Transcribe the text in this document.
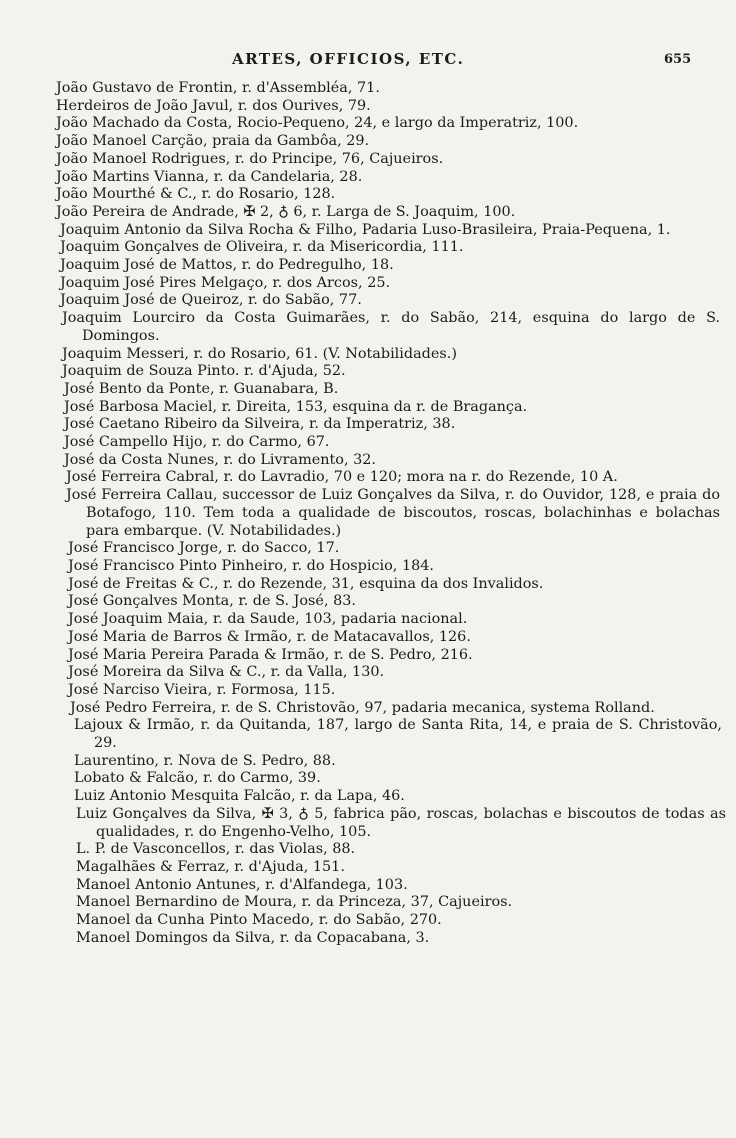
ARTES, OFFICIOS, ETC.	655
João Gustavo de Frontin, r. d'Assembléa, 71.
Herdeiros de João Javul, r. dos Ourives, 79.
João Machado da Costa, Rocio-Pequeno, 24, e largo da Imperatriz, 100.
João Manoel Carção, praia da Gambôa, 29.
João Manoel Rodrigues, r. do Principe, 76, Cajueiros.
João Martins Vianna, r. da Candelaria, 28.
João Mourthé & C., r. do Rosario, 128.
João Pereira de Andrade, ✠ 2, ♁ 6, r. Larga de S. Joaquim, 100.
Joaquim Antonio da Silva Rocha & Filho, Padaria Luso-Brasileira, Praia-Pequena, 1.
Joaquim Gonçalves de Oliveira, r. da Misericordia, 111.
Joaquim José de Mattos, r. do Pedregulho, 18.
Joaquim José Pires Melgaço, r. dos Arcos, 25.
Joaquim José de Queiroz, r. do Sabão, 77.
Joaquim Lourciro da Costa Guimarães, r. do Sabão, 214, esquina do largo de S. Domingos.
Joaquim Messeri, r. do Rosario, 61. (V. Notabilidades.)
Joaquim de Souza Pinto. r. d'Ajuda, 52.
José Bento da Ponte, r. Guanabara, B.
José Barbosa Maciel, r. Direita, 153, esquina da r. de Bragança.
José Caetano Ribeiro da Silveira, r. da Imperatriz, 38.
José Campello Hijo, r. do Carmo, 67.
José da Costa Nunes, r. do Livramento, 32.
José Ferreira Cabral, r. do Lavradio, 70 e 120; mora na r. do Rezende, 10 A.
José Ferreira Callau, successor de Luiz Gonçalves da Silva, r. do Ouvidor, 128, e praia do Botafogo, 110. Tem toda a qualidade de biscoutos, roscas, bolachinhas e bolachas para embarque. (V. Notabilidades.)
José Francisco Jorge, r. do Sacco, 17.
José Francisco Pinto Pinheiro, r. do Hospicio, 184.
José de Freitas & C., r. do Rezende, 31, esquina da dos Invalidos.
José Gonçalves Monta, r. de S. José, 83.
José Joaquim Maia, r. da Saude, 103, padaria nacional.
José Maria de Barros & Irmão, r. de Matacavallos, 126.
José Maria Pereira Parada & Irmão, r. de S. Pedro, 216.
José Moreira da Silva & C., r. da Valla, 130.
José Narciso Vieira, r. Formosa, 115.
José Pedro Ferreira, r. de S. Christovão, 97, padaria mecanica, systema Rolland.
Lajoux & Irmão, r. da Quitanda, 187, largo de Santa Rita, 14, e praia de S. Christovão, 29.
Laurentino, r. Nova de S. Pedro, 88.
Lobato & Falcão, r. do Carmo, 39.
Luiz Antonio Mesquita Falcão, r. da Lapa, 46.
Luiz Gonçalves da Silva, ✠ 3, ♁ 5, fabrica pão, roscas, bolachas e biscoutos de todas as qualidades, r. do Engenho-Velho, 105.
L. P. de Vasconcellos, r. das Violas, 88.
Magalhães & Ferraz, r. d'Ajuda, 151.
Manoel Antonio Antunes, r. d'Alfandega, 103.
Manoel Bernardino de Moura, r. da Princeza, 37, Cajueiros.
Manoel da Cunha Pinto Macedo, r. do Sabão, 270.
Manoel Domingos da Silva, r. da Copacabana, 3.
